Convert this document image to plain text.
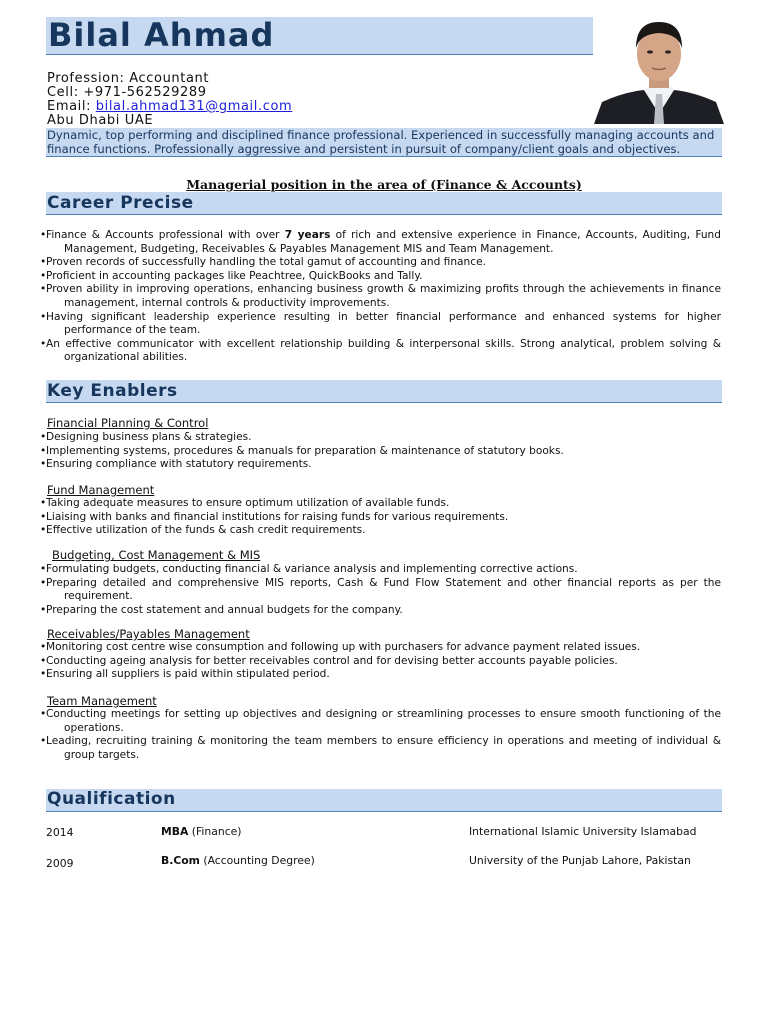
Bilal Ahmad
Profession: Accountant
Cell: +971-562529289
Email: bilal.ahmad131@gmail.com
Abu Dhabi UAE
Dynamic, top performing and disciplined finance professional. Experienced in successfully managing accounts and finance functions. Professionally aggressive and persistent in pursuit of company/client goals and objectives.
Managerial position in the area of (Finance & Accounts)
Career Precise

•Finance & Accounts professional with over 7 years of rich and extensive experience in Finance, Accounts, Auditing, Fund Management, Budgeting, Receivables & Payables Management MIS and Team Management.

•Proven records of successfully handling the total gamut of accounting and finance.

•Proficient in accounting packages like Peachtree, QuickBooks and Tally.

•Proven ability in improving operations, enhancing business growth & maximizing profits through the achievements in finance management, internal controls & productivity improvements.

•Having significant leadership experience resulting in better financial performance and enhanced systems for higher performance of the team.

•An effective communicator with excellent relationship building & interpersonal skills. Strong analytical, problem solving & organizational abilities.

Key Enablers
Financial Planning & Control

•Designing business plans & strategies.

•Implementing systems, procedures & manuals for preparation & maintenance of statutory books.

•Ensuring compliance with statutory requirements.

Fund Management

•Taking adequate measures to ensure optimum utilization of available funds.

•Liaising with banks and financial institutions for raising funds for various requirements.

•Effective utilization of the funds & cash credit requirements.

Budgeting, Cost Management & MIS

•Formulating budgets, conducting financial & variance analysis and implementing corrective actions.

•Preparing detailed and comprehensive MIS reports, Cash & Fund Flow Statement and other financial reports as per the requirement.

•Preparing the cost statement and annual budgets for the company.

Receivables/Payables Management

•Monitoring cost centre wise consumption and following up with purchasers for advance payment related issues.

•Conducting ageing analysis for better receivables control and for devising better accounts payable policies.

•Ensuring all suppliers is paid within stipulated period.

Team Management

•Conducting meetings for setting up objectives and designing or streamlining processes to ensure smooth functioning of the operations.

•Leading, recruiting training & monitoring the team members to ensure efficiency in operations and meeting of individual & group targets.

Qualification
2014	MBA (Finance)	International Islamic University Islamabad
2009	B.Com (Accounting Degree)	University of the Punjab Lahore, Pakistan
